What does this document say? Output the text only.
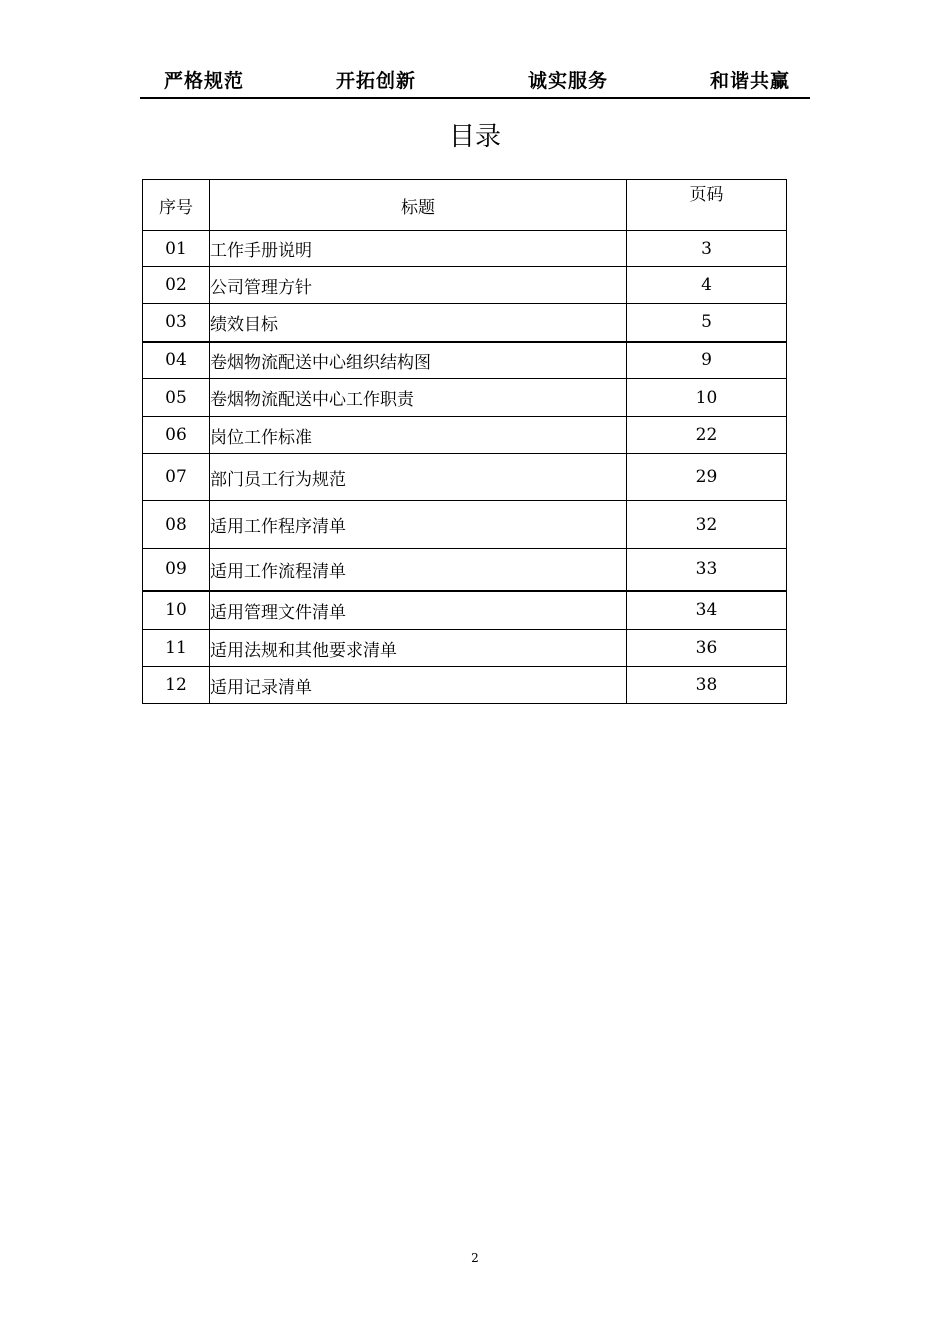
严格规范	开拓创新	诚实服务	和谐共赢
目录
序号	标题	页码
01	工作手册说明	3
02	公司管理方针	4
03	绩效目标	5
04	卷烟物流配送中心组织结构图	9
05	卷烟物流配送中心工作职责	10
06	岗位工作标准	22
07	部门员工行为规范	29
08	适用工作程序清单	32
09	适用工作流程清单	33
10	适用管理文件清单	34
11	适用法规和其他要求清单	36
12	适用记录清单	38
2
